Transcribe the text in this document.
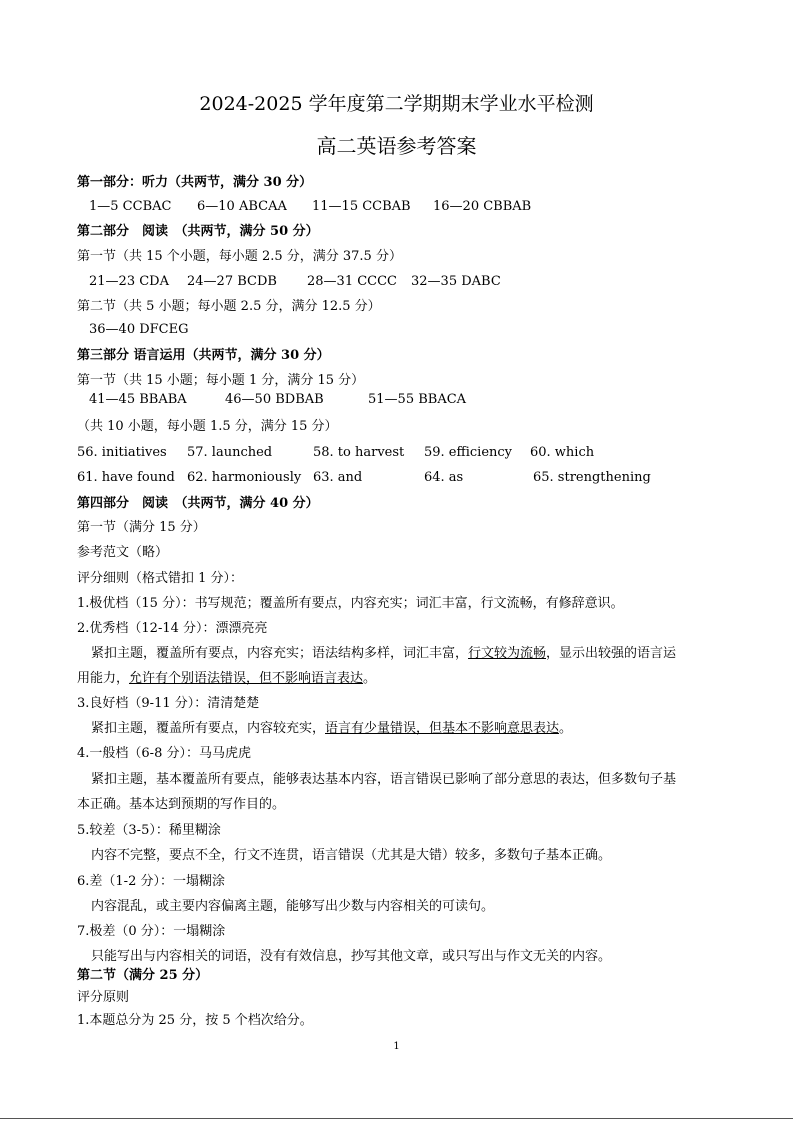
2024-2025 学年度第二学期期末学业水平检测
高二英语参考答案
第一部分：听力（共两节，满分 30 分）
1—5 CCBAC 6—10 ABCAA 11—15 CCBAB 16—20 CBBAB
第二部分　阅读　（共两节，满分 50 分）
第一节（共 15 个小题，每小题 2.5 分，满分 37.5 分）
21—23 CDA 24—27 BCDB 28—31 CCCC 32—35 DABC
第二节（共 5 小题；每小题 2.5 分，满分 12.5 分）
36—40 DFCEG
第三部分 语言运用（共两节，满分 30 分）
第一节（共 15 小题；每小题 1 分，满分 15 分）
41—45 BBABA	46—50 BDBAB	51—55 BBACA
（共 10 小题，每小题 1.5 分，满分 15 分）
56. initiatives 57. launched	58. to harvest 59. efficiency 60. which
61. have found 62. harmoniously 63. and	64. as	65. strengthening
第四部分　阅读　（共两节，满分 40 分）
第一节（满分 15 分）
参考范文（略）
评分细则（格式错扣 1 分）：
1.极优档（15 分）：书写规范；覆盖所有要点，内容充实；词汇丰富，行文流畅，有修辞意识。
2.优秀档（12-14 分）：漂漂亮亮
紧扣主题，覆盖所有要点，内容充实；语法结构多样，词汇丰富，行文较为流畅，显示出较强的语言运
用能力，允许有个别语法错误，但不影响语言表达。
3.良好档（9-11 分）：清清楚楚
紧扣主题，覆盖所有要点，内容较充实，语言有少量错误，但基本不影响意思表达。
4.一般档（6-8 分）：马马虎虎
紧扣主题，基本覆盖所有要点，能够表达基本内容，语言错误已影响了部分意思的表达，但多数句子基
本正确。基本达到预期的写作目的。
5.较差（3-5）：稀里糊涂
内容不完整，要点不全，行文不连贯，语言错误（尤其是大错）较多，多数句子基本正确。
6.差（1-2 分）：一塌糊涂
内容混乱，或主要内容偏离主题，能够写出少数与内容相关的可读句。
7.极差（0 分）：一塌糊涂
只能写出与内容相关的词语，没有有效信息，抄写其他文章，或只写出与作文无关的内容。
第二节（满分 25 分）
评分原则
1.本题总分为 25 分，按 5 个档次给分。
1
